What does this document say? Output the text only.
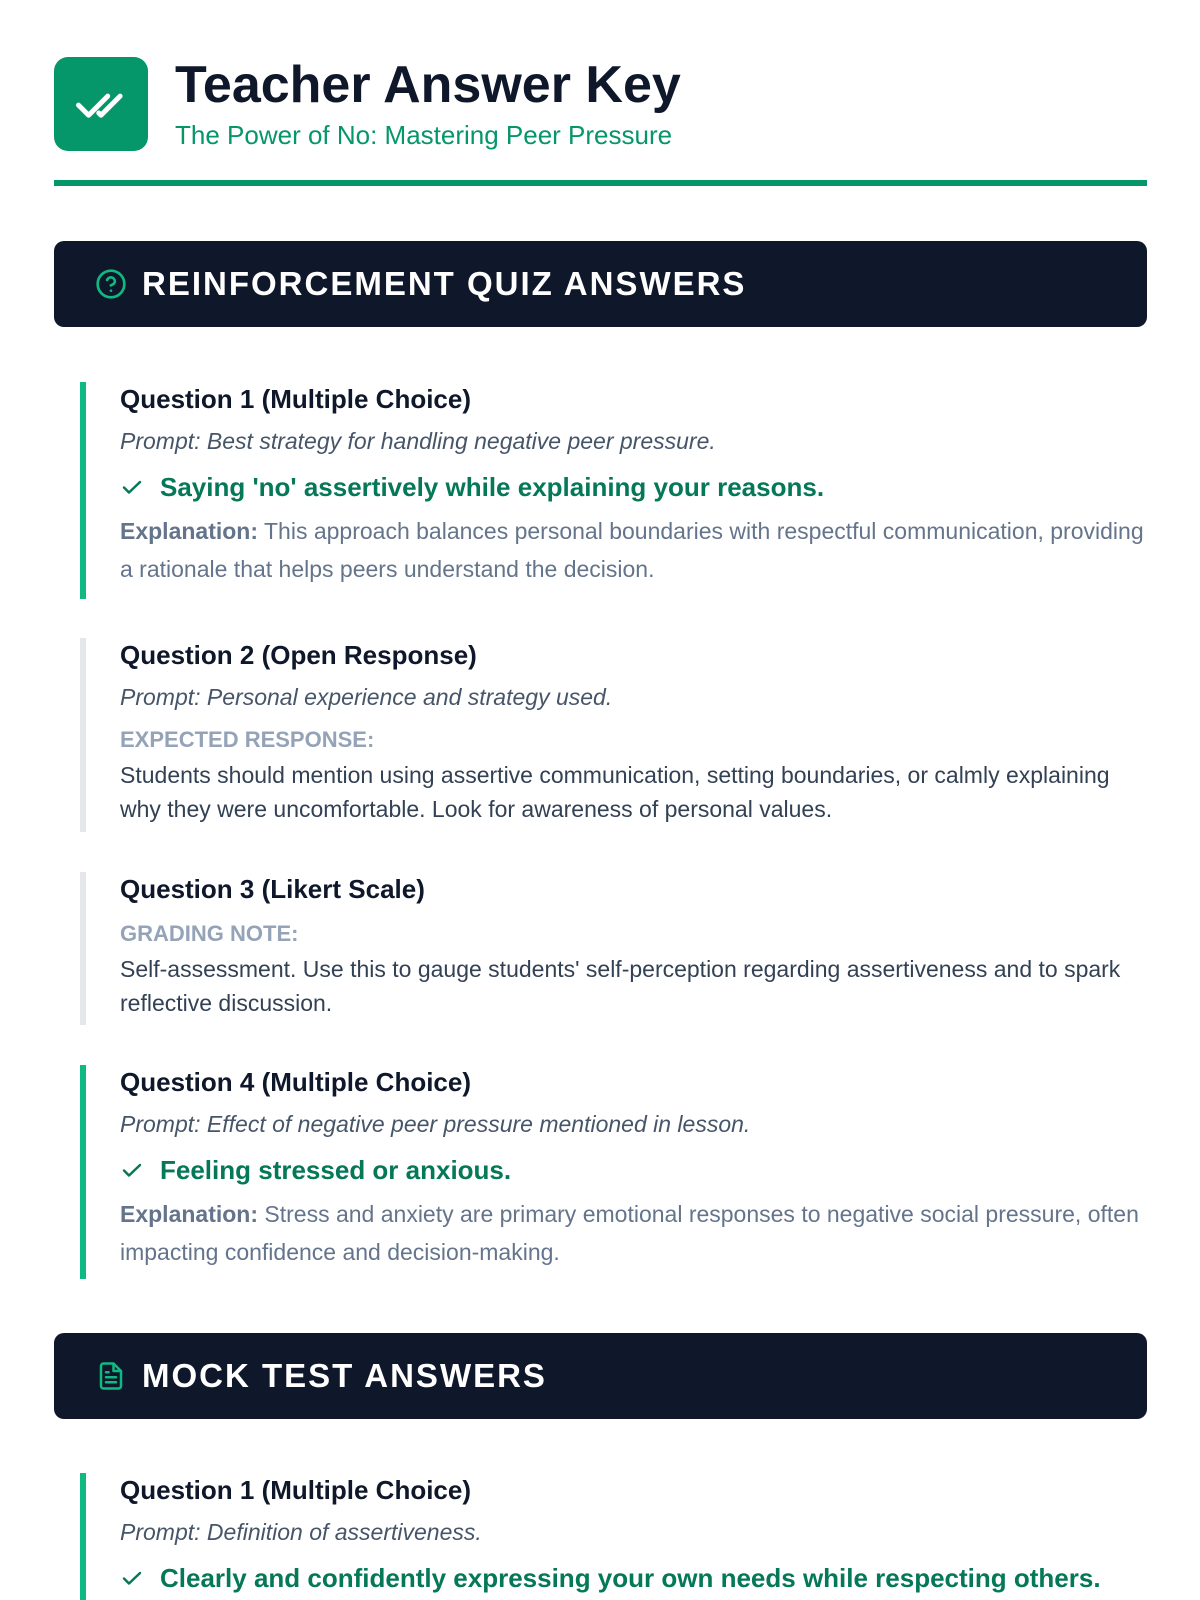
Teacher Answer Key
The Power of No: Mastering Peer Pressure
REINFORCEMENT QUIZ ANSWERS
Question 1 (Multiple Choice)
Prompt: Best strategy for handling negative peer pressure.
Saying 'no' assertively while explaining your reasons.
Explanation: This approach balances personal boundaries with respectful communication, providing a rationale that helps peers understand the decision.
Question 2 (Open Response)
Prompt: Personal experience and strategy used.
EXPECTED RESPONSE:
Students should mention using assertive communication, setting boundaries, or calmly explaining why they were uncomfortable. Look for awareness of personal values.
Question 3 (Likert Scale)
GRADING NOTE:
Self-assessment. Use this to gauge students' self-perception regarding assertiveness and to spark reflective discussion.
Question 4 (Multiple Choice)
Prompt: Effect of negative peer pressure mentioned in lesson.
Feeling stressed or anxious.
Explanation: Stress and anxiety are primary emotional responses to negative social pressure, often impacting confidence and decision-making.
MOCK TEST ANSWERS
Question 1 (Multiple Choice)
Prompt: Definition of assertiveness.
Clearly and confidently expressing your own needs while respecting others.
